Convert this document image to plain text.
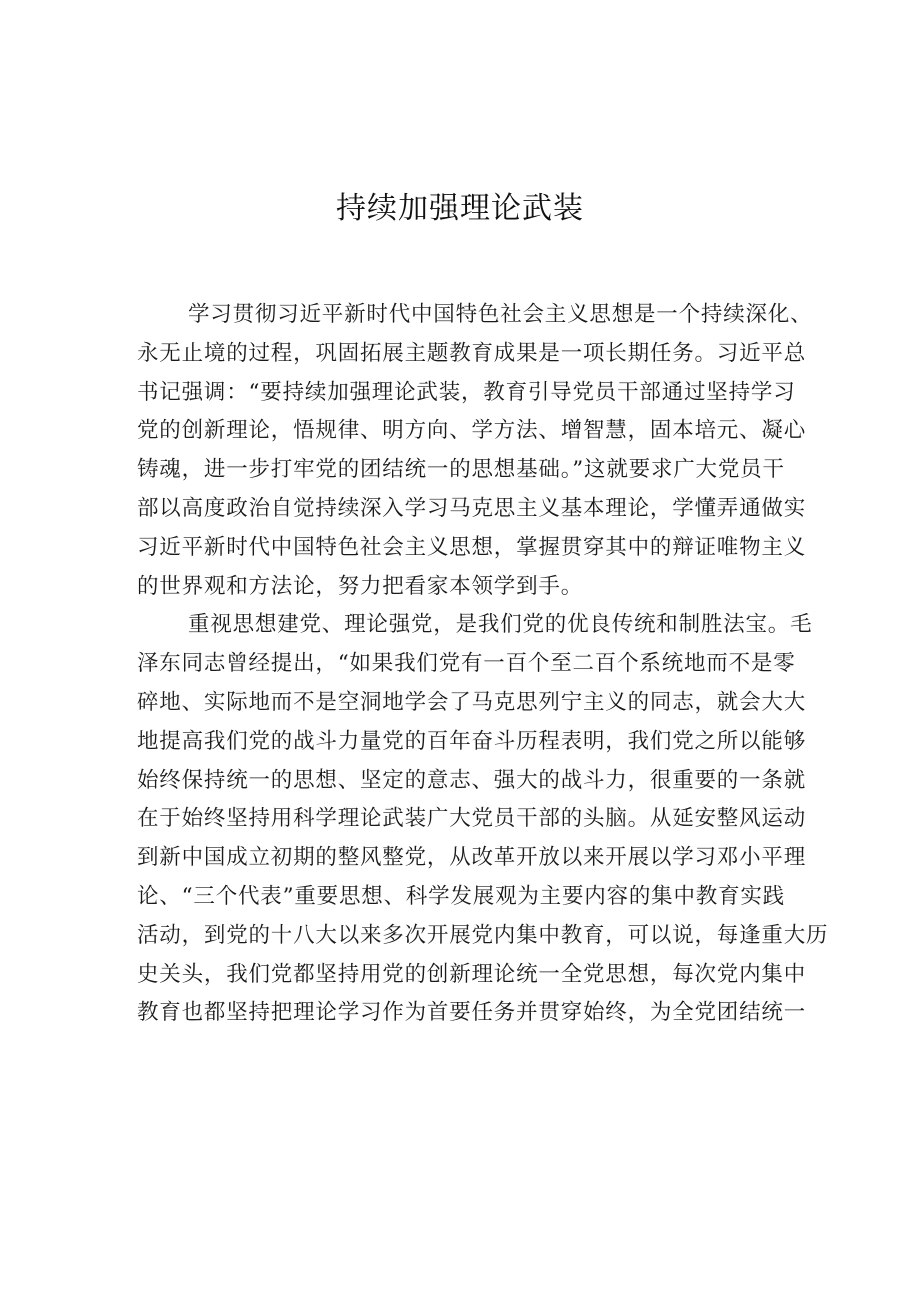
持续加强理论武装
学习贯彻习近平新时代中国特色社会主义思想是一个持续深化、
永无止境的过程，巩固拓展主题教育成果是一项长期任务。习近平总
书记强调：“要持续加强理论武装，教育引导党员干部通过坚持学习
党的创新理论，悟规律、明方向、学方法、增智慧，固本培元、凝心
铸魂，进一步打牢党的团结统一的思想基础。”这就要求广大党员干
部以高度政治自觉持续深入学习马克思主义基本理论，学懂弄通做实
习近平新时代中国特色社会主义思想，掌握贯穿其中的辩证唯物主义
的世界观和方法论，努力把看家本领学到手。
重视思想建党、理论强党，是我们党的优良传统和制胜法宝。毛
泽东同志曾经提出，“如果我们党有一百个至二百个系统地而不是零
碎地、实际地而不是空洞地学会了马克思列宁主义的同志，就会大大
地提高我们党的战斗力量党的百年奋斗历程表明，我们党之所以能够
始终保持统一的思想、坚定的意志、强大的战斗力，很重要的一条就
在于始终坚持用科学理论武装广大党员干部的头脑。从延安整风运动
到新中国成立初期的整风整党，从改革开放以来开展以学习邓小平理
论、“三个代表”重要思想、科学发展观为主要内容的集中教育实践
活动，到党的十八大以来多次开展党内集中教育，可以说，每逢重大历
史关头，我们党都坚持用党的创新理论统一全党思想，每次党内集中
教育也都坚持把理论学习作为首要任务并贯穿始终，为全党团结统一
